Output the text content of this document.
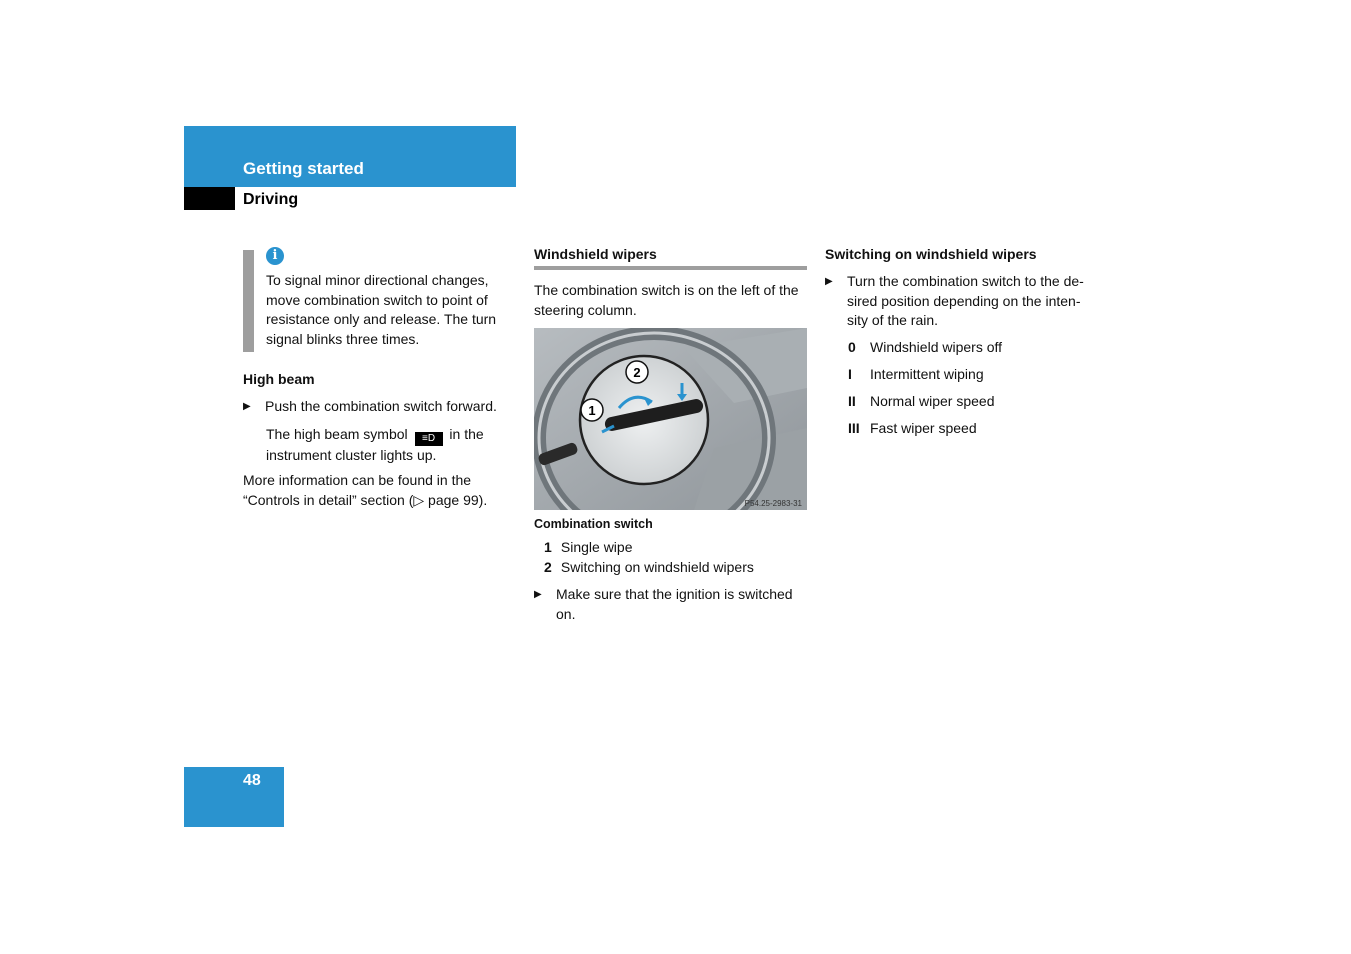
Getting started
Driving
i
To signal minor directional changes, move combination switch to point of resistance only and release. The turn signal blinks three times.
High beam
▶	Push the combination switch forward.
The high beam symbol ≡D in the instrument cluster lights up.
More information can be found in the “Controls in detail” section (▷ page 99).
Windshield wipers
The combination switch is on the left of the steering column.
1
2
P54.25-2983-31
Combination switch
1 Single wipe
2 Switching on windshield wipers
▶	Make sure that the ignition is switched on.
Switching on windshield wipers
▶	Turn the combination switch to the de-sired position depending on the inten-sity of the rain.
0	Windshield wipers off
I	Intermittent wiping
II	Normal wiper speed
III Fast wiper speed
48
